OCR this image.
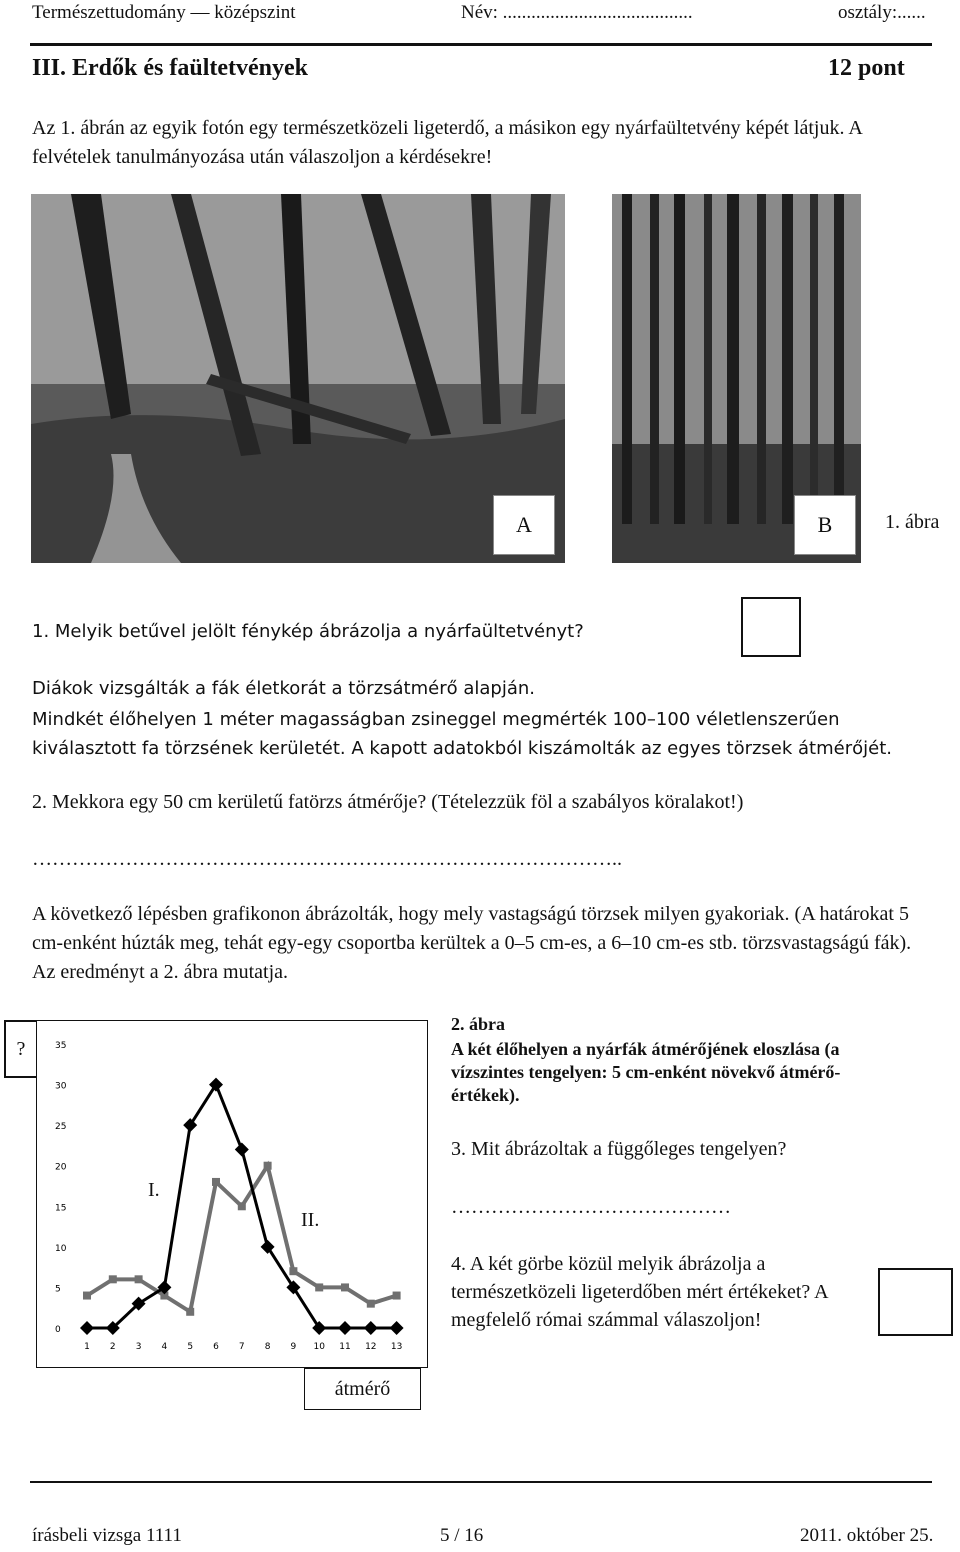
Természettudomány — középszint	Név: ........................................	osztály:......
III. Erdők és faültetvények	12 pont

Az 1. ábrán az egyik fotón egy természetközeli ligeterdő, a másikon egy nyárfaültetvény képét látjuk. A felvételek tanulmányozása után válaszoljon a kérdésekre!

A	B	1. ábra
1. Melyik betűvel jelölt fénykép ábrázolja a nyárfaültetvényt?
Diákok vizsgálták a fák életkorát a törzsátmérő alapján.

Mindkét élőhelyen 1 méter magasságban zsineggel megmérték 100–100 véletlenszerűen kiválasztott fa törzsének kerületét. A kapott adatokból kiszámolták az egyes törzsek átmérőjét.

2. Mekkora egy 50 cm kerületű fatörzs átmérője? (Tételezzük föl a szabályos köralakot!)
……………………………………………………………………………..

A következő lépésben grafikonon ábrázolták, hogy mely vastagságú törzsek milyen gyakoriak. (A határokat 5 cm-enként húzták meg, tehát egy-egy csoportba kerültek a 0–5 cm-es, a 6–10 cm-es stb. törzsvastagságú fák). Az eredményt a 2. ábra mutatja.

?
0
5
10
15
20
25
30
35
1 2 3 4 5 6 7 8 9 10 11 12 13
I.
II.
átmérő
2. ábra

A két élőhelyen a nyárfák átmérőjének eloszlása (a vízszintes tengelyen: 5 cm-enként növekvő átmérő-értékek).

3. Mit ábrázoltak a függőleges tengelyen?
……………………………………

4. A két görbe közül melyik ábrázolja a természetközeli ligeterdőben mért értékeket? A megfelelő római számmal válaszoljon!

írásbeli vizsga 1111	5 / 16	2011. október 25.
